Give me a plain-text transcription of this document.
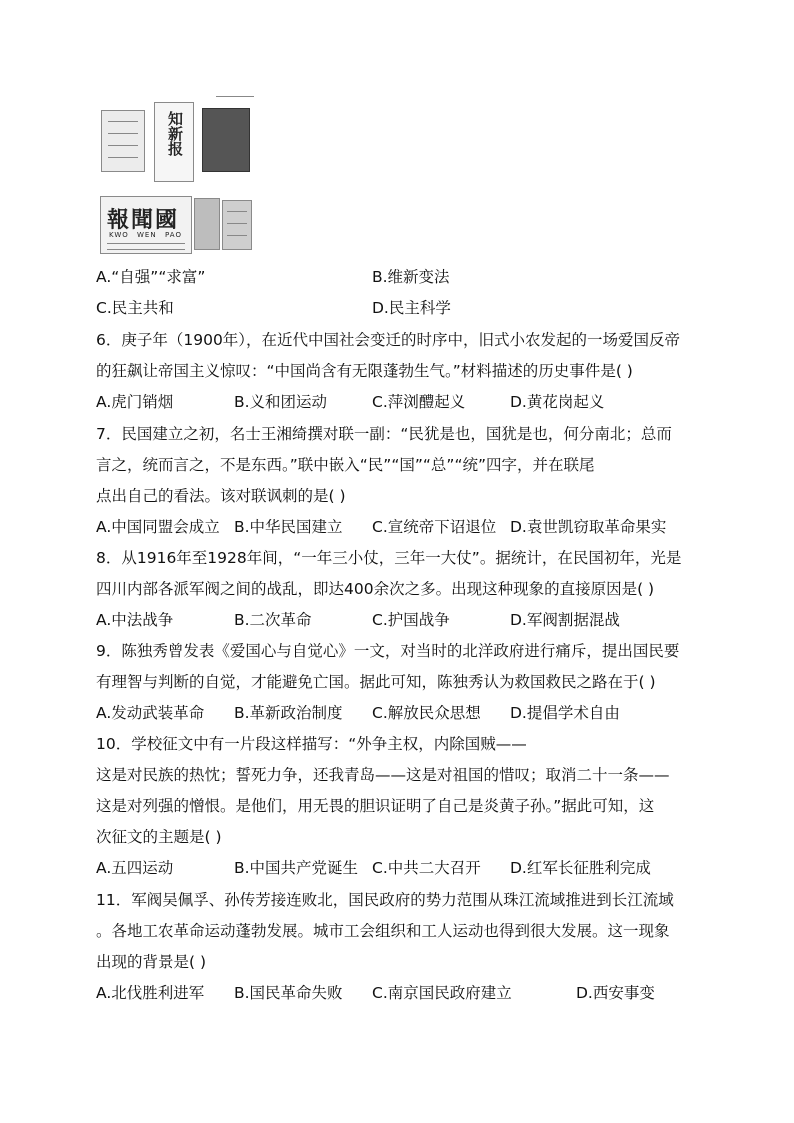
知新报
報聞國
KWO WEN PAO
A.“自强”“求富”	B.维新变法
C.民主共和	D.民主科学
6．庚子年（1900年），在近代中国社会变迁的时序中，旧式小农发起的一场爱国反帝
的狂飙让帝国主义惊叹：“中国尚含有无限蓬勃生气。”材料描述的历史事件是( )
A.虎门销烟	B.义和团运动	C.萍浏醴起义	D.黄花岗起义
7．民国建立之初，名士王湘绮撰对联一副：“民犹是也，国犹是也，何分南北；总而
言之，统而言之，不是东西。”联中嵌入“民”“国”“总”“统”四字，并在联尾
点出自己的看法。该对联讽刺的是( )
A.中国同盟会成立 B.中华民国建立 C.宣统帝下诏退位 D.袁世凯窃取革命果实
8．从1916年至1928年间，“一年三小仗，三年一大仗”。据统计，在民国初年，光是
四川内部各派军阀之间的战乱，即达400余次之多。出现这种现象的直接原因是( )
A.中法战争	B.二次革命	C.护国战争	D.军阀割据混战
9．陈独秀曾发表《爱国心与自觉心》一文，对当时的北洋政府进行痛斥，提出国民要
有理智与判断的自觉，才能避免亡国。据此可知，陈独秀认为救国救民之路在于( )
A.发动武装革命 B.革新政治制度 C.解放民众思想 D.提倡学术自由
10．学校征文中有一片段这样描写：“外争主权，内除国贼——
这是对民族的热忱；誓死力争，还我青岛——这是对祖国的惜叹；取消二十一条——
这是对列强的憎恨。是他们，用无畏的胆识证明了自己是炎黄子孙。”据此可知，这
次征文的主题是( )
A.五四运动	B.中国共产党诞生 C.中共二大召开 D.红军长征胜利完成
11．军阀吴佩孚、孙传芳接连败北，国民政府的势力范围从珠江流域推进到长江流域
。各地工农革命运动蓬勃发展。城市工会组织和工人运动也得到很大发展。这一现象
出现的背景是( )
A.北伐胜利进军 B.国民革命失败 C.南京国民政府建立	D.西安事变
